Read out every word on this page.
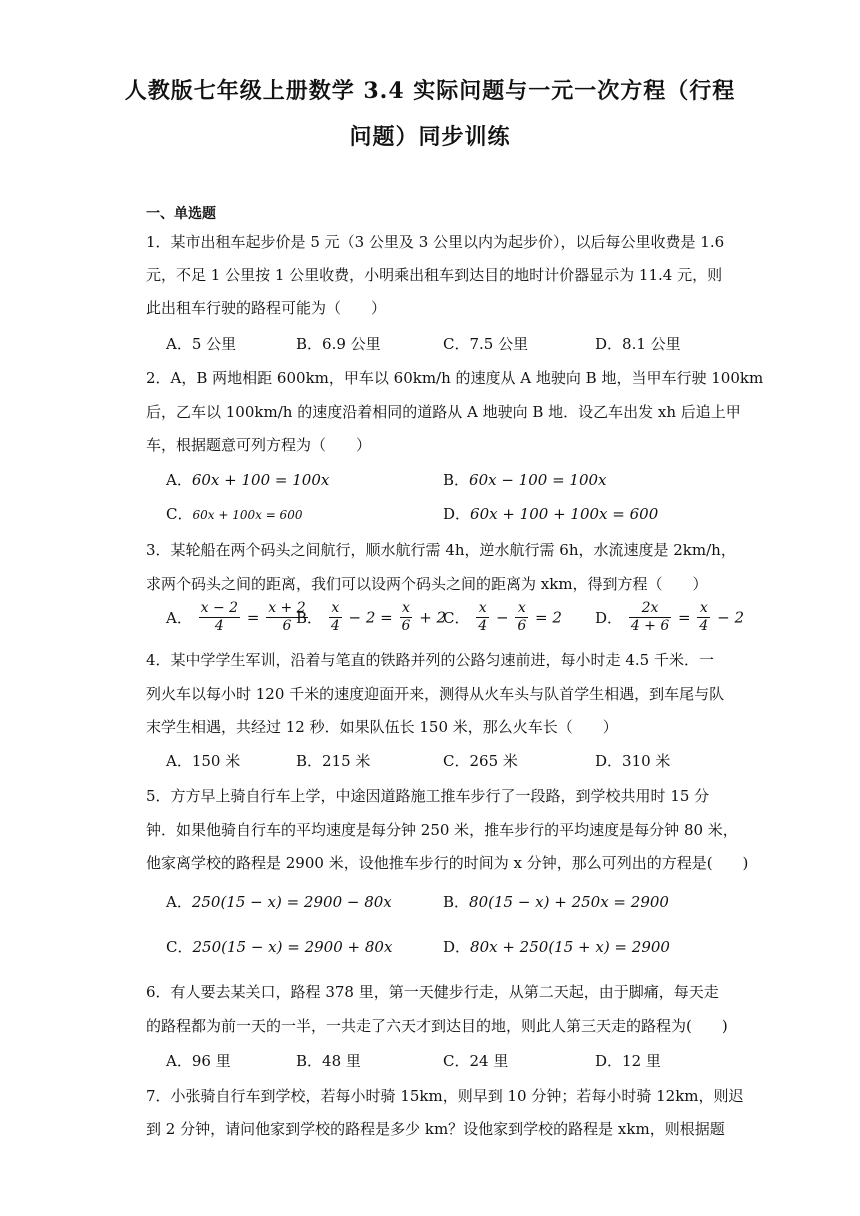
人教版七年级上册数学 3.4 实际问题与一元一次方程（行程
问题）同步训练
一、单选题
1．某市出租车起步价是 5 元（3 公里及 3 公里以内为起步价），以后每公里收费是 1.6
元，不足 1 公里按 1 公里收费，小明乘出租车到达目的地时计价器显示为 11.4 元，则
此出租车行驶的路程可能为（　　）
A．5 公里	B．6.9 公里	C．7.5 公里	D．8.1 公里
2．A，B 两地相距 600km，甲车以 60km/h 的速度从 A 地驶向 B 地，当甲车行驶 100km
后，乙车以 100km/h 的速度沿着相同的道路从 A 地驶向 B 地．设乙车出发 xh 后追上甲
车，根据题意可列方程为（　　）
A．60x + 100 = 100x	B．60x − 100 = 100x
C．60x + 100x = 600	D．60x + 100 + 100x = 600
3．某轮船在两个码头之间航行，顺水航行需 4h，逆水航行需 6h，水流速度是 2km/h，
求两个码头之间的距离，我们可以设两个码头之间的距离为 xkm，得到方程（　　）
A． $\frac{x - 2}{4} = \frac{x + 2}{6}$
B． $\frac{x}{4} - 2 = \frac{x}{6} + 2$
C． $\frac{x}{4} - \frac{x}{6} = 2$ D． $\frac{2x}{4 + 6} = \frac{x}{4} - 2$
4．某中学学生军训，沿着与笔直的铁路并列的公路匀速前进，每小时走 4.5 千米．一
列火车以每小时 120 千米的速度迎面开来，测得从火车头与队首学生相遇，到车尾与队
末学生相遇，共经过 12 秒．如果队伍长 150 米，那么火车长（　　）
A．150 米	B．215 米	C．265 米	D．310 米
5．方方早上骑自行车上学，中途因道路施工推车步行了一段路，到学校共用时 15 分
钟．如果他骑自行车的平均速度是每分钟 250 米，推车步行的平均速度是每分钟 80 米，
他家离学校的路程是 2900 米，设他推车步行的时间为 x 分钟，那么可列出的方程是(　　)
A．250(15 − x) = 2900 − 80x	B．80(15 − x) + 250x = 2900
C．250(15 − x) = 2900 + 80x	D．80x + 250(15 + x) = 2900
6．有人要去某关口，路程 378 里，第一天健步行走，从第二天起，由于脚痛，每天走
的路程都为前一天的一半，一共走了六天才到达目的地，则此人第三天走的路程为(　　)
A．96 里	B．48 里	C．24 里	D．12 里
7．小张骑自行车到学校，若每小时骑 15km，则早到 10 分钟；若每小时骑 12km，则迟
到 2 分钟，请问他家到学校的路程是多少 km？设他家到学校的路程是 xkm，则根据题
